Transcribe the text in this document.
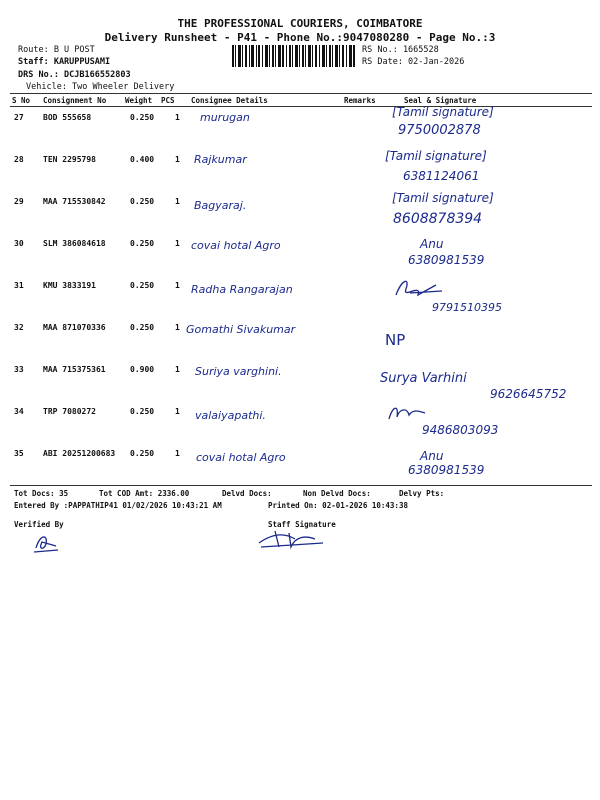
THE PROFESSIONAL COURIERS, COIMBATORE
Delivery Runsheet - P41 - Phone No.:9047080280 - Page No.:3
Route: B U POST
Staff: KARUPPUSAMI
DRS No.: DCJB166552803
Vehicle: Two Wheeler Delivery
RS No.: 1665528
RS Date: 02-Jan-2026
S No Consignment No	Weight PCS Consignee Details	Remarks	Seal & Signature
27 BOD 555658	0.250	1 murugan	[Tamil signature]
9750002878
28 TEN 2295798	0.400	1 Rajkumar	[Tamil signature]
6381124061
29 MAA 715530842	0.250	1 Bagyaraj.
[Tamil signature]
8608878394
30 SLM 386084618	0.250	1 covai hotal Agro	Anu
6380981539
31 KMU 3833191	0.250	1 Radha Rangarajan
9791510395
32 MAA 871070336	0.250	1 Gomathi Sivakumar
NP
33 MAA 715375361	0.900	1 Suriya varghini.	Surya Varhini
9626645752
34 TRP 7080272	0.250	1 valaiyapathi.
9486803093
35 ABI 20251200683 0.250	1 covai hotal Agro	Anu
6380981539
Tot Docs: 35	Tot COD Amt: 2336.00	Delvd Docs:	Non Delvd Docs:	Delvy Pts:
Entered By :PAPPATHIP41 01/02/2026 10:43:21 AM	Printed On: 02-01-2026 10:43:38
Verified By	Staff Signature
